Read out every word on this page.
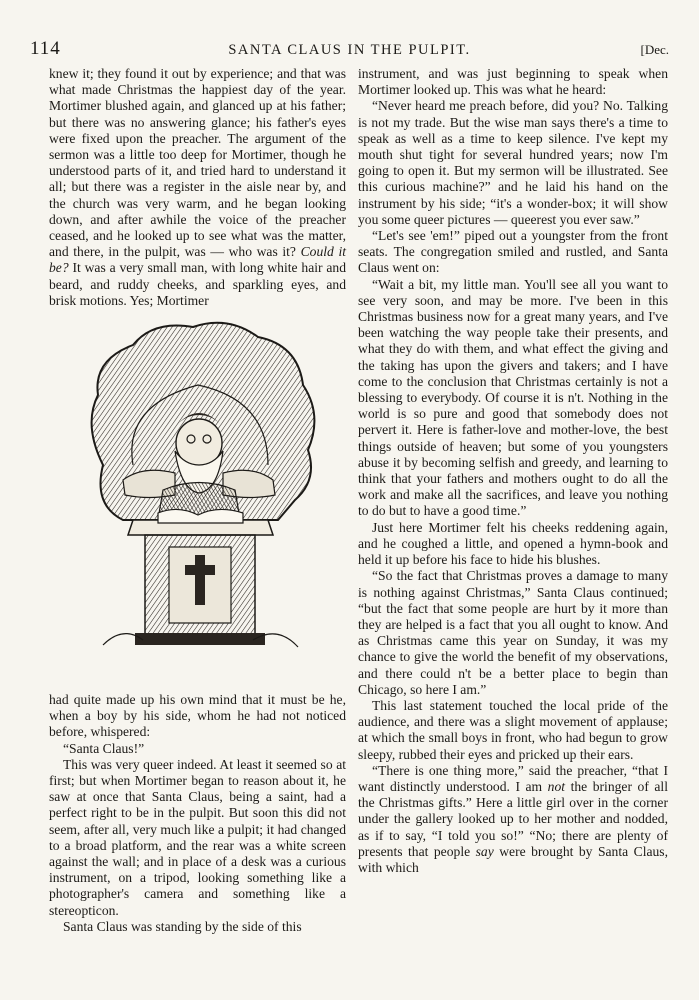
114	SANTA CLAUS IN THE PULPIT.	[Dec.

knew it; they found it out by experience; and that was what made Christmas the happiest day of the year. Mortimer blushed again, and glanced up at his father; but there was no answering glance; his father's eyes were fixed upon the preacher. The argument of the sermon was a little too deep for Mortimer, though he understood parts of it, and tried hard to understand it all; but there was a register in the aisle near by, and the church was very warm, and he began looking down, and after awhile the voice of the preacher ceased, and he looked up to see what was the matter, and there, in the pulpit, was — who was it? Could it be? It was a very small man, with long white hair and beard, and ruddy cheeks, and sparkling eyes, and brisk motions. Yes; Mortimer

had quite made up his own mind that it must be he, when a boy by his side, whom he had not noticed before, whispered:

“Santa Claus!”

This was very queer indeed. At least it seemed so at first; but when Mortimer began to reason about it, he saw at once that Santa Claus, being a saint, had a perfect right to be in the pulpit. But soon this did not seem, after all, very much like a pulpit; it had changed to a broad platform, and the rear was a white screen against the wall; and in place of a desk was a curious instrument, on a tripod, looking something like a photographer's camera and something like a stereopticon.

Santa Claus was standing by the side of this

instrument, and was just beginning to speak when Mortimer looked up. This was what he heard:

“Never heard me preach before, did you? No. Talking is not my trade. But the wise man says there's a time to speak as well as a time to keep silence. I've kept my mouth shut tight for several hundred years; now I'm going to open it. But my sermon will be illustrated. See this curious machine?” and he laid his hand on the instrument by his side; “it's a wonder-box; it will show you some queer pictures — queerest you ever saw.”

“Let's see 'em!” piped out a youngster from the front seats. The congregation smiled and rustled, and Santa Claus went on:

“Wait a bit, my little man. You'll see all you want to see very soon, and may be more. I've been in this Christmas business now for a great many years, and I've been watching the way people take their presents, and what they do with them, and what effect the giving and the taking has upon the givers and takers; and I have come to the conclusion that Christmas certainly is not a blessing to everybody. Of course it is n't. Nothing in the world is so pure and good that somebody does not pervert it. Here is father-love and mother-love, the best things outside of heaven; but some of you youngsters abuse it by becoming selfish and greedy, and learning to think that your fathers and mothers ought to do all the work and make all the sacrifices, and leave you nothing to do but to have a good time.”

Just here Mortimer felt his cheeks reddening again, and he coughed a little, and opened a hymn-book and held it up before his face to hide his blushes.

“So the fact that Christmas proves a damage to many is nothing against Christmas,” Santa Claus continued; “but the fact that some people are hurt by it more than they are helped is a fact that you all ought to know. And as Christmas came this year on Sunday, it was my chance to give the world the benefit of my observations, and there could n't be a better place to begin than Chicago, so here I am.”

This last statement touched the local pride of the audience, and there was a slight movement of applause; at which the small boys in front, who had begun to grow sleepy, rubbed their eyes and pricked up their ears.

“There is one thing more,” said the preacher, “that I want distinctly understood. I am not the bringer of all the Christmas gifts.” Here a little girl over in the corner under the gallery looked up to her mother and nodded, as if to say, “I told you so!” “No; there are plenty of presents that people say were brought by Santa Claus, with which
